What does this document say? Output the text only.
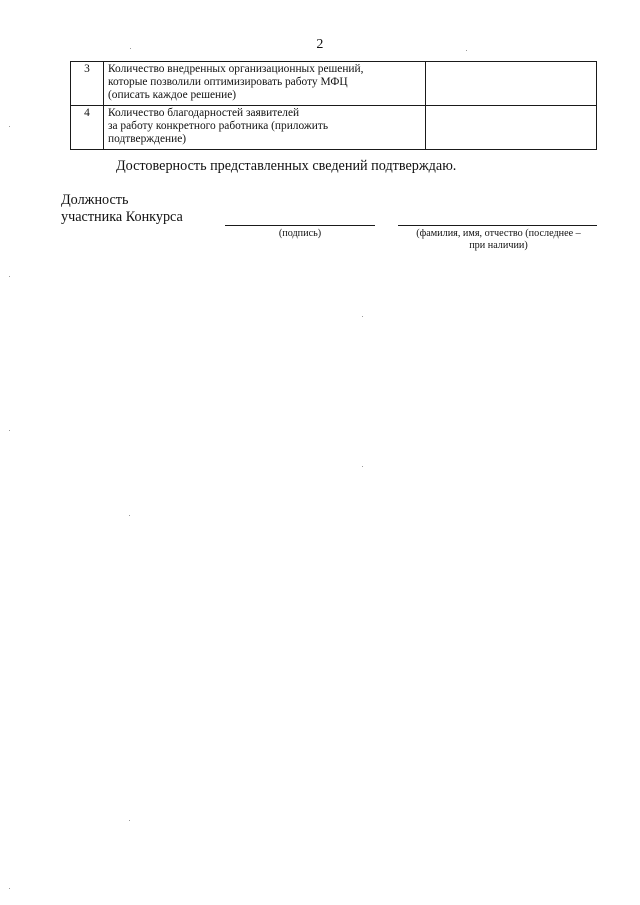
2
3	Количество внедренных организационных решений,
которые позволили оптимизировать работу МФЦ
(описать каждое решение)	

4	Количество благодарностей заявителей
за работу конкретного работника (приложить
подтверждение)	

Достоверность представленных сведений подтверждаю.
Должность
участника Конкурса
(подпись)	(фамилия, имя, отчество (последнее –
при наличии)
